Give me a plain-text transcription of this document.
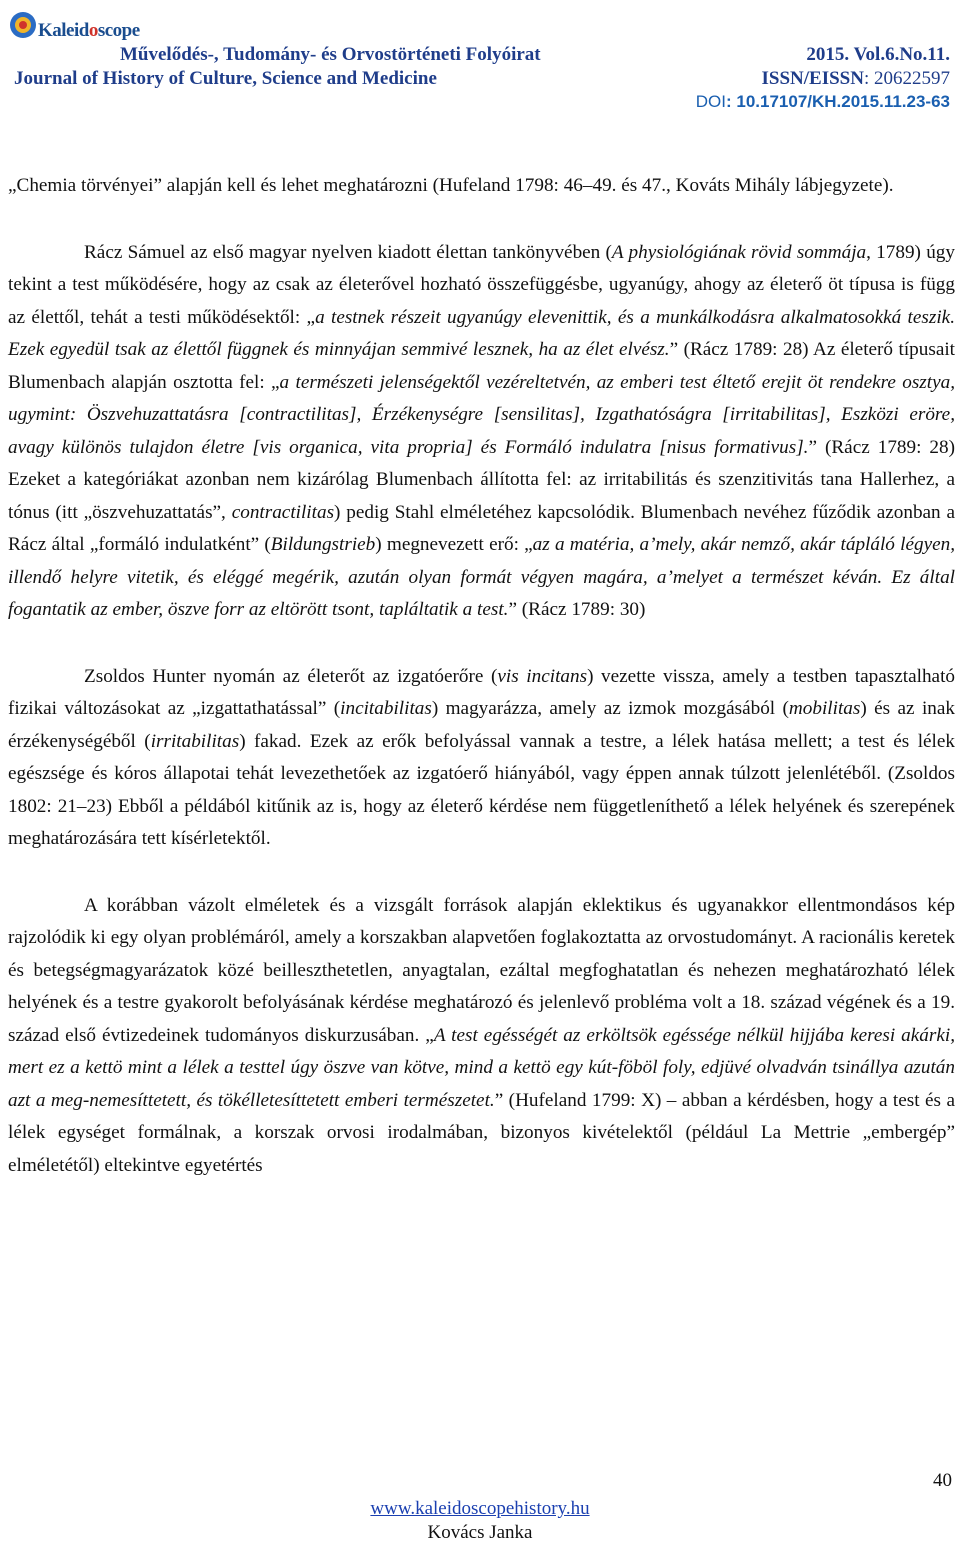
Kaleidoscope
Művelődés-, Tudomány- és Orvostörténeti Folyóirat
Journal of History of Culture, Science and Medicine
2015. Vol.6.No.11.
ISSN/EISSN: 20622597
DOI: 10.17107/KH.2015.11.23-63

„Chemia törvényei” alapján kell és lehet meghatározni (Hufeland 1798: 46–49. és 47., Kováts Mihály lábjegyzete).

Rácz Sámuel az első magyar nyelven kiadott élettan tankönyvében (A physiológiának rövid sommája, 1789) úgy tekint a test működésére, hogy az csak az életerővel hozható összefüggésbe, ugyanúgy, ahogy az életerő öt típusa is függ az élettől, tehát a testi működésektől: „a testnek részeit ugyanúgy elevenittik, és a munkálkodásra alkalmatosokká teszik. Ezek egyedül tsak az élettől függnek és minnyájan semmivé lesznek, ha az élet elvész.” (Rácz 1789: 28) Az életerő típusait Blumenbach alapján osztotta fel: „a természeti jelenségektől vezéreltetvén, az emberi test éltető erejit öt rendekre osztya, ugymint: Öszvehuzattatásra [contractilitas], Érzékenységre [sensilitas], Izgathatóságra [irritabilitas], Eszközi eröre, avagy különös tulajdon életre [vis organica, vita propria] és Formáló indulatra [nisus formativus].” (Rácz 1789: 28) Ezeket a kategóriákat azonban nem kizárólag Blumenbach állította fel: az irritabilitás és szenzitivitás tana Hallerhez, a tónus (itt „öszvehuzattatás”, contractilitas) pedig Stahl elméletéhez kapcsolódik. Blumenbach nevéhez fűződik azonban a Rácz által „formáló indulatként” (Bildungstrieb) megnevezett erő: „az a matéria, a’mely, akár nemző, akár tápláló légyen, illendő helyre vitetik, és eléggé megérik, azután olyan formát végyen magára, a’melyet a természet kéván. Ez által fogantatik az ember, öszve forr az eltörött tsont, tapláltatik a test.” (Rácz 1789: 30)

Zsoldos Hunter nyomán az életerőt az izgatóerőre (vis incitans) vezette vissza, amely a testben tapasztalható fizikai változásokat az „izgattathatással” (incitabilitas) magyarázza, amely az izmok mozgásából (mobilitas) és az inak érzékenységéből (irritabilitas) fakad. Ezek az erők befolyással vannak a testre, a lélek hatása mellett; a test és lélek egészsége és kóros állapotai tehát levezethetőek az izgatóerő hiányából, vagy éppen annak túlzott jelenlétéből. (Zsoldos 1802: 21–23) Ebből a példából kitűnik az is, hogy az életerő kérdése nem függetleníthető a lélek helyének és szerepének meghatározására tett kísérletektől.

A korábban vázolt elméletek és a vizsgált források alapján eklektikus és ugyanakkor ellentmondásos kép rajzolódik ki egy olyan problémáról, amely a korszakban alapvetően foglakoztatta az orvostudományt. A racionális keretek és betegségmagyarázatok közé beilleszthetetlen, anyagtalan, ezáltal megfoghatatlan és nehezen meghatározható lélek helyének és a testre gyakorolt befolyásának kérdése meghatározó és jelenlevő probléma volt a 18. század végének és a 19. század első évtizedeinek tudományos diskurzusában. „A test egésségét az erköltsök egéssége nélkül hijjába keresi akárki, mert ez a kettö mint a lélek a testtel úgy öszve van kötve, mind a kettö egy kút-föböl foly, edjüvé olvadván tsinállya azután azt a meg-nemesíttetett, és tökélletesíttetett emberi természetet.” (Hufeland 1799: X) – abban a kérdésben, hogy a test és a lélek egységet formálnak, a korszak orvosi irodalmában, bizonyos kivételektől (például La Mettrie „embergép” elméletétől) eltekintve egyetértés

40
www.kaleidoscopehistory.hu
Kovács Janka
